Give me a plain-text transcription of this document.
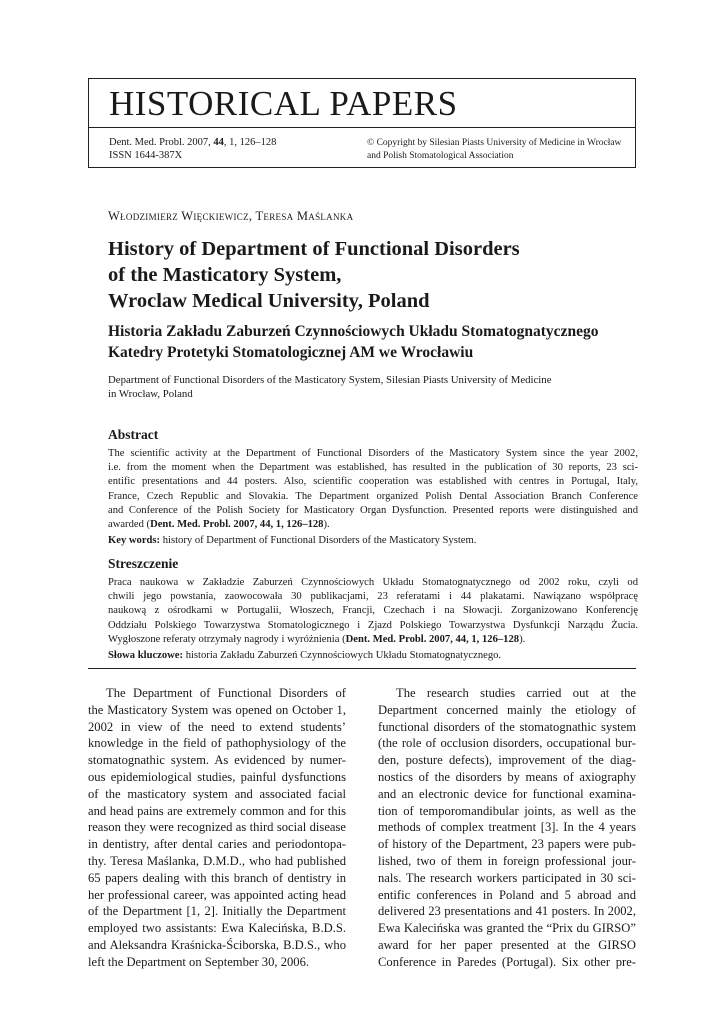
HISTORICAL PAPERS
Dent. Med. Probl. 2007, 44, 1, 126–128
ISSN 1644-387X
© Copyright by Silesian Piasts University of Medicine in Wrocław
and Polish Stomatological Association
Włodzimierz Więckiewicz, Teresa Maślanka
History of Department of Functional Disorders
of the Masticatory System,
Wroclaw Medical University, Poland
Historia Zakładu Zaburzeń Czynnościowych Układu Stomatognatycznego
Katedry Protetyki Stomatologicznej AM we Wrocławiu
Department of Functional Disorders of the Masticatory System, Silesian Piasts University of Medicine
in Wrocław, Poland
Abstract
The scientific activity at the Department of Functional Disorders of the Masticatory System since the year 2002,
i.e. from the moment when the Department was established, has resulted in the publication of 30 reports, 23 sci-
entific presentations and 44 posters. Also, scientific cooperation was established with centres in Portugal, Italy,
France, Czech Republic and Slovakia. The Department organized Polish Dental Association Branch Conference
and Conference of the Polish Society for Masticatory Organ Dysfunction. Presented reports were distinguished and
awarded (Dent. Med. Probl. 2007, 44, 1, 126–128).
Key words: history of Department of Functional Disorders of the Masticatory System.
Streszczenie
Praca naukowa w Zakładzie Zaburzeń Czynnościowych Układu Stomatognatycznego od 2002 roku, czyli od
chwili jego powstania, zaowocowała 30 publikacjami, 23 referatami i 44 plakatami. Nawiązano współpracę
naukową z ośrodkami w Portugalii, Włoszech, Francji, Czechach i na Słowacji. Zorganizowano Konferencję
Oddziału Polskiego Towarzystwa Stomatologicznego i Zjazd Polskiego Towarzystwa Dysfunkcji Narządu Żucia.
Wygłoszone referaty otrzymały nagrody i wyróżnienia (Dent. Med. Probl. 2007, 44, 1, 126–128).
Słowa kluczowe: historia Zakładu Zaburzeń Czynnościowych Układu Stomatognatycznego.
The Department of Functional Disorders of
the Masticatory System was opened on October 1,
2002 in view of the need to extend students’
knowledge in the field of pathophysiology of the
stomatognathic system. As evidenced by numer-
ous epidemiological studies, painful dysfunctions
of the masticatory system and associated facial
and head pains are extremely common and for this
reason they were recognized as third social disease
in dentistry, after dental caries and periodontopa-
thy. Teresa Maślanka, D.M.D., who had published
65 papers dealing with this branch of dentistry in
her professional career, was appointed acting head
of the Department [1, 2]. Initially the Department
employed two assistants: Ewa Kalecińska, B.D.S.
and Aleksandra Kraśnicka-Ściborska, B.D.S., who
left the Department on September 30, 2006.
The research studies carried out at the
Department concerned mainly the etiology of
functional disorders of the stomatognathic system
(the role of occlusion disorders, occupational bur-
den, posture defects), improvement of the diag-
nostics of the disorders by means of axiography
and an electronic device for functional examina-
tion of temporomandibular joints, as well as the
methods of complex treatment [3]. In the 4 years
of history of the Department, 23 papers were pub-
lished, two of them in foreign professional jour-
nals. The research workers participated in 30 sci-
entific conferences in Poland and 5 abroad and
delivered 23 presentations and 41 posters. In 2002,
Ewa Kalecińska was granted the “Prix du GIRSO”
award for her paper presented at the GIRSO
Conference in Paredes (Portugal). Six other pre-
